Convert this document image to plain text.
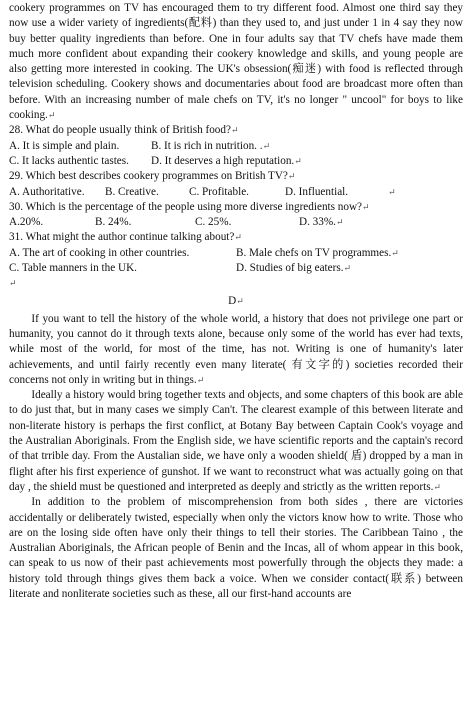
cookery programmes on TV has encouraged them to try different food. Almost one third say they now use a wider variety of ingredients(配料) than they used to, and just under 1 in 4 say they now buy better quality ingredients than before. One in four adults say that TV chefs have made them much more confident about expanding their cookery knowledge and skills, and young people are also getting more interested in cooking. The UK's obsession(痴迷) with food is reflected through television scheduling. Cookery shows and documentaries about food are broadcast more often than before. With an increasing number of male chefs on TV, it's no longer " uncool" for boys to like cooking.↵

28. What do people usually think of British food?↵

A. It is simple and plain.	B. It is rich in nutrition. .↵
C. It lacks authentic tastes.	D. It deserves a high reputation.↵

29. Which best describes cookery programmes on British TV?↵

A. Authoritative.	B. Creative.	C. Profitable.	D. Influential.	↵

30. Which is the percentage of the people using more diverse ingredients now?↵

A.20%.	B. 24%.	C. 25%.	D. 33%.↵

31. What might the author continue talking about?↵

A. The art of cooking in other countries.	B. Male chefs on TV programmes.↵
C. Table manners in the UK.	D. Studies of big eaters.↵
↵
D↵

If you want to tell the history of the whole world, a history that does not privilege one part or humanity, you cannot do it through texts alone, because only some of the world has ever had texts, while most of the world, for most of the time, has not. Writing is one of humanity's later achievements, and until fairly recently even many literate( 有文字的) societies recorded their concerns not only in writing but in things.↵

Ideally a history would bring together texts and objects, and some chapters of this book are able to do just that, but in many cases we simply Can't. The clearest example of this between literate and non-literate history is perhaps the first conflict, at Botany Bay between Captain Cook's voyage and the Australian Aboriginals. From the English side, we have scientific reports and the captain's record of that trrible day. From the Austalian side, we have only a wooden shield( 盾) dropped by a man in flight after his first experience of gunshot. If we want to reconstruct what was actually going on that day , the shield must be questioned and interpreted as deeply and strictly as the written reports.↵

In addition to the problem of miscomprehension from both sides , there are victories accidentally or deliberately twisted, especially when only the victors know how to write. Those who are on the losing side often have only their things to tell their stories. The Caribbean Taino , the Australian Aboriginals, the African people of Benin and the Incas, all of whom appear in this book, can speak to us now of their past achievements most powerfully through the objects they made: a history told through things gives them back a voice. When we consider contact(联系) between literate and nonliterate societies such as these, all our first-hand accounts are
